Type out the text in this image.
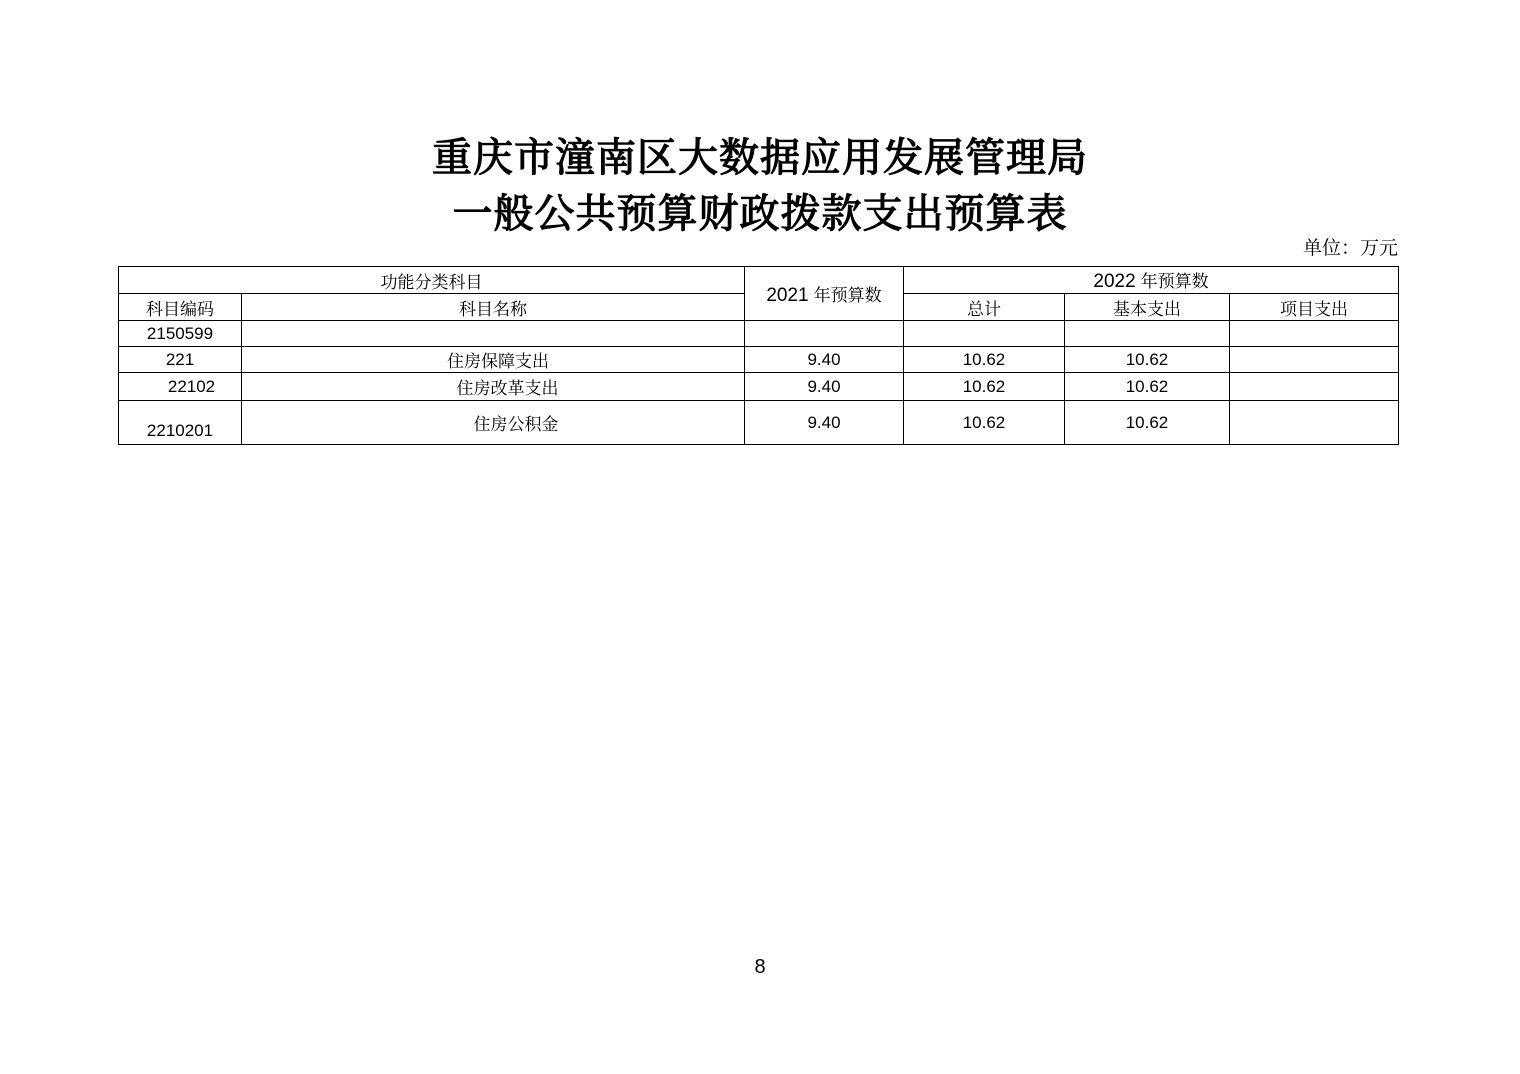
重庆市潼南区大数据应用发展管理局
一般公共预算财政拨款支出预算表
单位：万元
功能分类科目		2021 年预算数	2022 年预算数		
科目编码	科目名称		总计	基本支出	项目支出
2150599					
221	住房保障支出	9.40	10.62	10.62	
22102	住房改革支出	9.40	10.62	10.62	
2210201	住房公积金	9.40	10.62	10.62	
8
